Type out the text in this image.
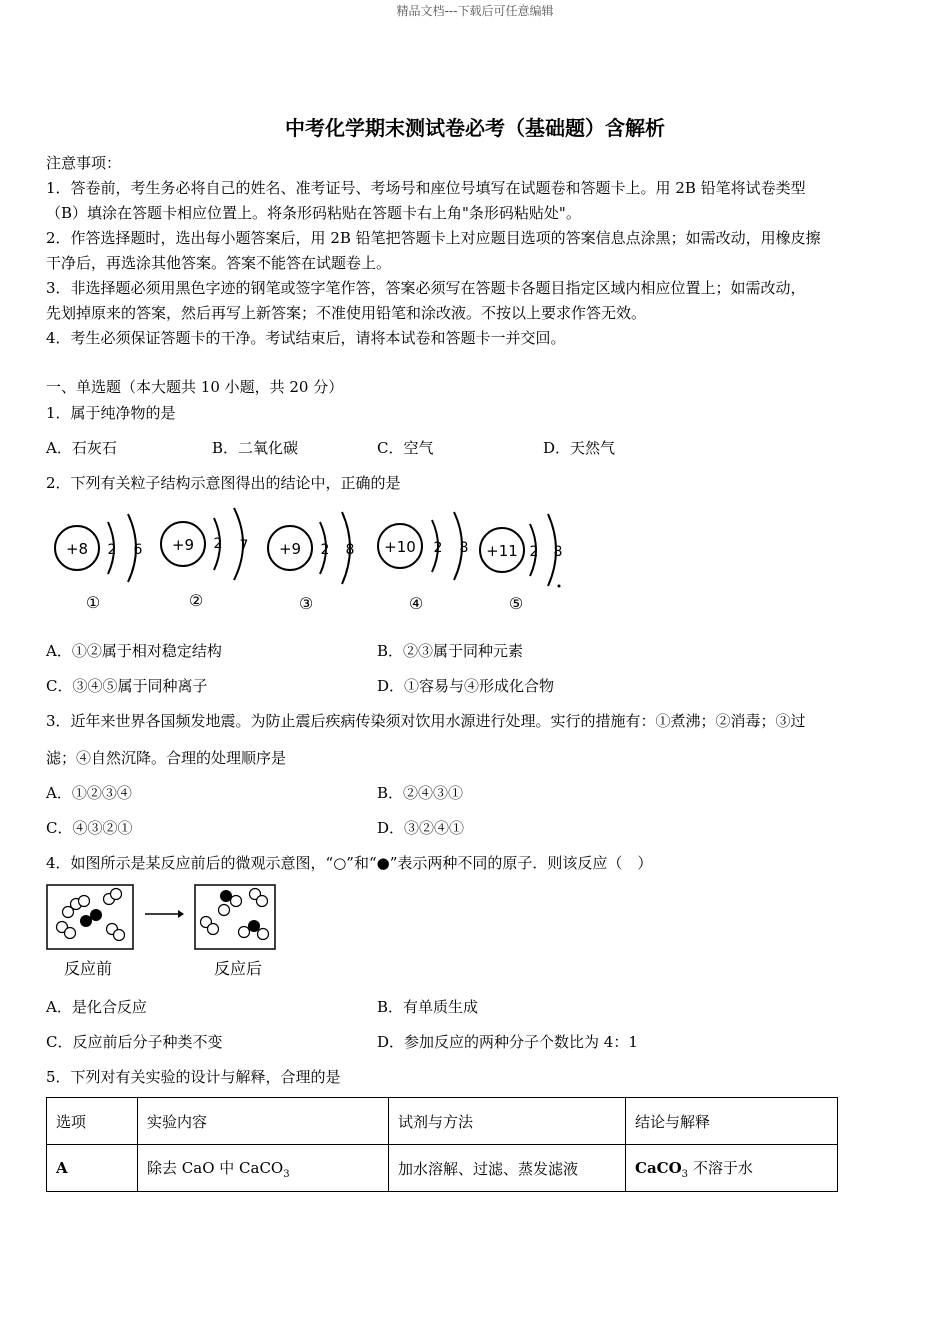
精品文档---下载后可任意编辑
中考化学期末测试卷必考（基础题）含解析
注意事项：
1．答卷前，考生务必将自己的姓名、准考证号、考场号和座位号填写在试题卷和答题卡上。用 2B 铅笔将试卷类型
（B）填涂在答题卡相应位置上。将条形码粘贴在答题卡右上角"条形码粘贴处"。
2．作答选择题时，选出每小题答案后，用 2B 铅笔把答题卡上对应题目选项的答案信息点涂黑；如需改动，用橡皮擦
干净后，再选涂其他答案。答案不能答在试题卷上。
3．非选择题必须用黑色字迹的钢笔或签字笔作答，答案必须写在答题卡各题目指定区域内相应位置上；如需改动，
先划掉原来的答案，然后再写上新答案；不准使用铅笔和涂改液。不按以上要求作答无效。
4．考生必须保证答题卡的干净。考试结束后，请将本试卷和答题卡一并交回。
一、单选题（本大题共 10 小题，共 20 分）
1．属于纯净物的是
A．石灰石	B．二氧化碳	C．空气	D．天然气
2．下列有关粒子结构示意图得出的结论中，正确的是
+8 2 6
①
+9 2 7
②
+9 2 8
③
+10 2 8
④
+11 2 8
⑤
A．①②属于相对稳定结构	B．②③属于同种元素
C．③④⑤属于同种离子	D．①容易与④形成化合物
3．近年来世界各国频发地震。为防止震后疾病传染须对饮用水源进行处理。实行的措施有：①煮沸；②消毒；③过
滤；④自然沉降。合理的处理顺序是
A．①②③④	B．②④③①
C．④③②①	D．③②④①
4．如图所示是某反应前后的微观示意图，“○”和“●”表示两种不同的原子．则该反应（　）
反应前	反应后
A．是化合反应	B．有单质生成
C．反应前后分子种类不变	D．参加反应的两种分子个数比为 4：1
5．下列对有关实验的设计与解释，合理的是
选项	实验内容	试剂与方法	结论与解释
A	除去 CaO 中 CaCO$_3$	加水溶解、过滤、蒸发滤液	CaCO$_3$ 不溶于水
